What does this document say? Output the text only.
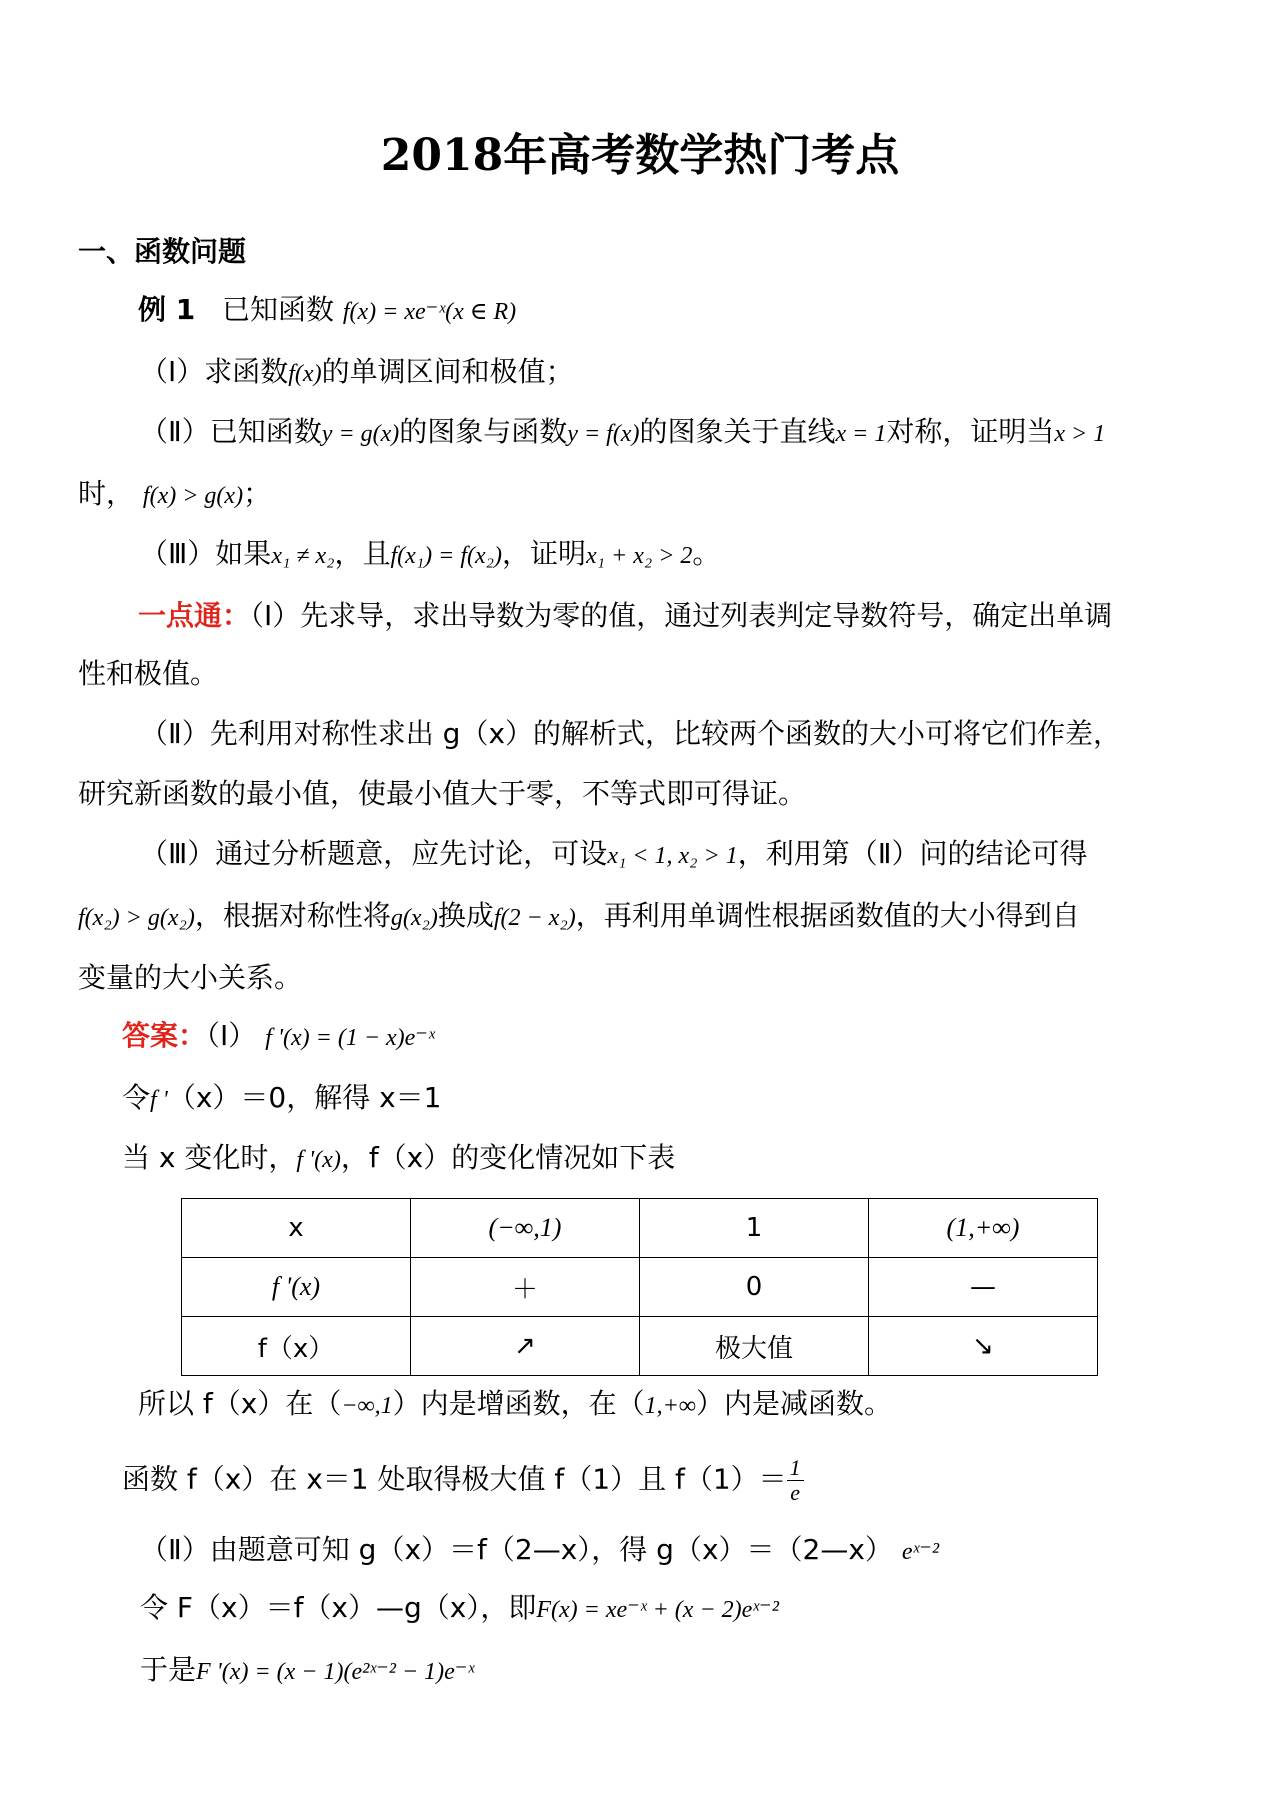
2018年高考数学热门考点
一、函数问题
例 1 已知函数 f(x) = xe⁻ˣ(x ∈ R)
（Ⅰ）求函数f(x)的单调区间和极值；
（Ⅱ）已知函数y = g(x)的图象与函数y = f(x)的图象关于直线x = 1对称，证明当x > 1
时， f(x) > g(x)；
（Ⅲ）如果x₁ ≠ x₂，且f(x₁) = f(x₂)，证明x₁ + x₂ > 2。
一点通：（Ⅰ）先求导，求出导数为零的值，通过列表判定导数符号，确定出单调
性和极值。
（Ⅱ）先利用对称性求出 g（x）的解析式，比较两个函数的大小可将它们作差，
研究新函数的最小值，使最小值大于零，不等式即可得证。
（Ⅲ）通过分析题意，应先讨论，可设x₁ < 1, x₂ > 1，利用第（Ⅱ）问的结论可得
f(x₂) > g(x₂)，根据对称性将g(x₂)换成f(2 − x₂)，再利用单调性根据函数值的大小得到自
变量的大小关系。
答案：（Ⅰ） f '(x) = (1 − x)e⁻ˣ
令f '（x）＝0，解得 x＝1
当 x 变化时，f '(x)，f（x）的变化情况如下表
x	(−∞,1)	1	(1,+∞)
f '(x)	＋	0	—
f（x）	↗	极大值	↘
所以 f（x）在（−∞,1）内是增函数，在（1,+∞）内是减函数。
函数 f（x）在 x＝1 处取得极大值 f（1）且 $f(1)= \frac{1}{e}$
（Ⅱ）由题意可知 g（x）＝f（2—x），得 g（x）＝（2—x） eˣ⁻²
令 F（x）＝f（x）—g（x），即F(x) = xe⁻ˣ + (x − 2)eˣ⁻²
于是F '(x) = (x − 1)(e²ˣ⁻² − 1)e⁻ˣ
